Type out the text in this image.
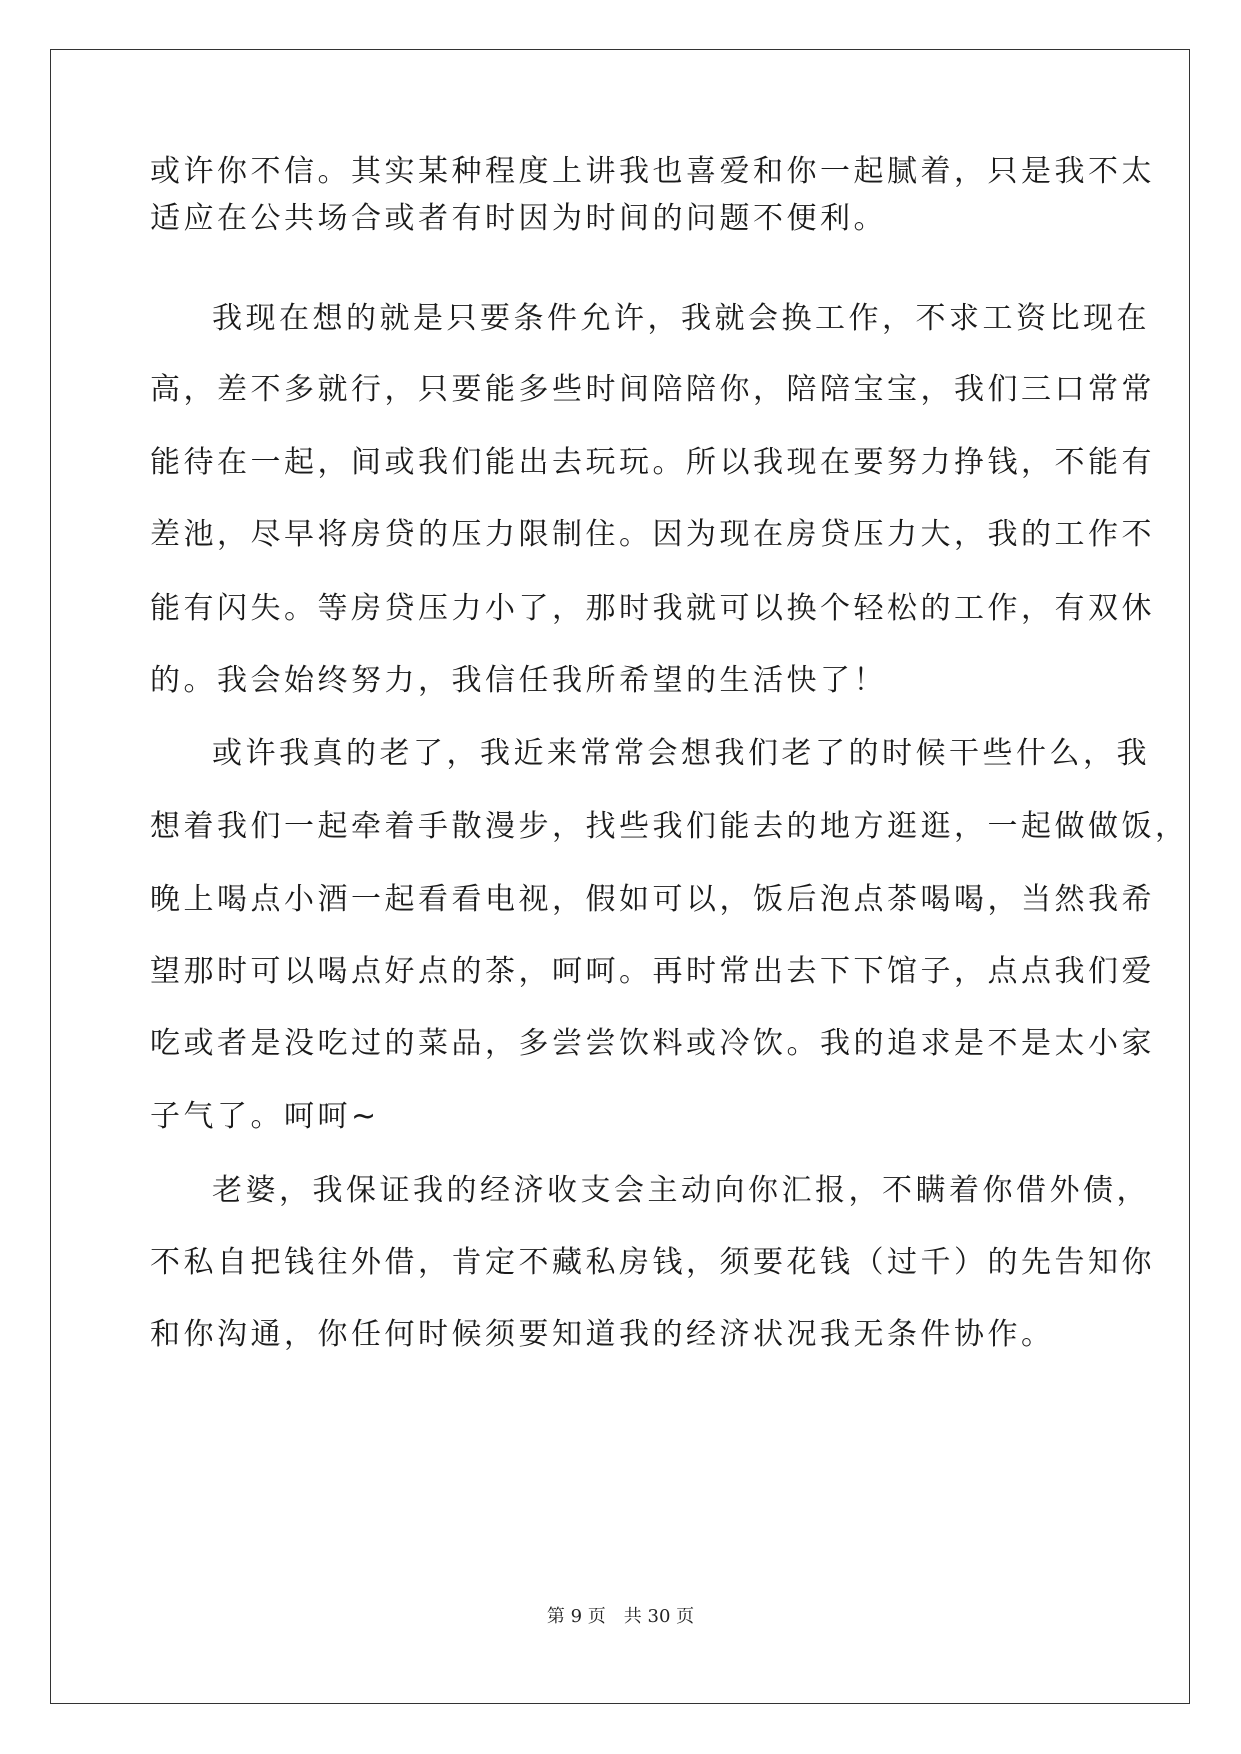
或许你不信。其实某种程度上讲我也喜爱和你一起腻着，只是我不太
适应在公共场合或者有时因为时间的问题不便利。
我现在想的就是只要条件允许，我就会换工作，不求工资比现在
高，差不多就行，只要能多些时间陪陪你，陪陪宝宝，我们三口常常
能待在一起，间或我们能出去玩玩。所以我现在要努力挣钱，不能有
差池，尽早将房贷的压力限制住。因为现在房贷压力大，我的工作不
能有闪失。等房贷压力小了，那时我就可以换个轻松的工作，有双休
的。我会始终努力，我信任我所希望的生活快了！
或许我真的老了，我近来常常会想我们老了的时候干些什么，我
想着我们一起牵着手散漫步，找些我们能去的地方逛逛，一起做做饭，
晚上喝点小酒一起看看电视，假如可以，饭后泡点茶喝喝，当然我希
望那时可以喝点好点的茶，呵呵。再时常出去下下馆子，点点我们爱
吃或者是没吃过的菜品，多尝尝饮料或冷饮。我的追求是不是太小家
子气了。呵呵~
老婆，我保证我的经济收支会主动向你汇报，不瞒着你借外债，
不私自把钱往外借，肯定不藏私房钱，须要花钱（过千）的先告知你
和你沟通，你任何时候须要知道我的经济状况我无条件协作。
第 9 页　共 30 页
